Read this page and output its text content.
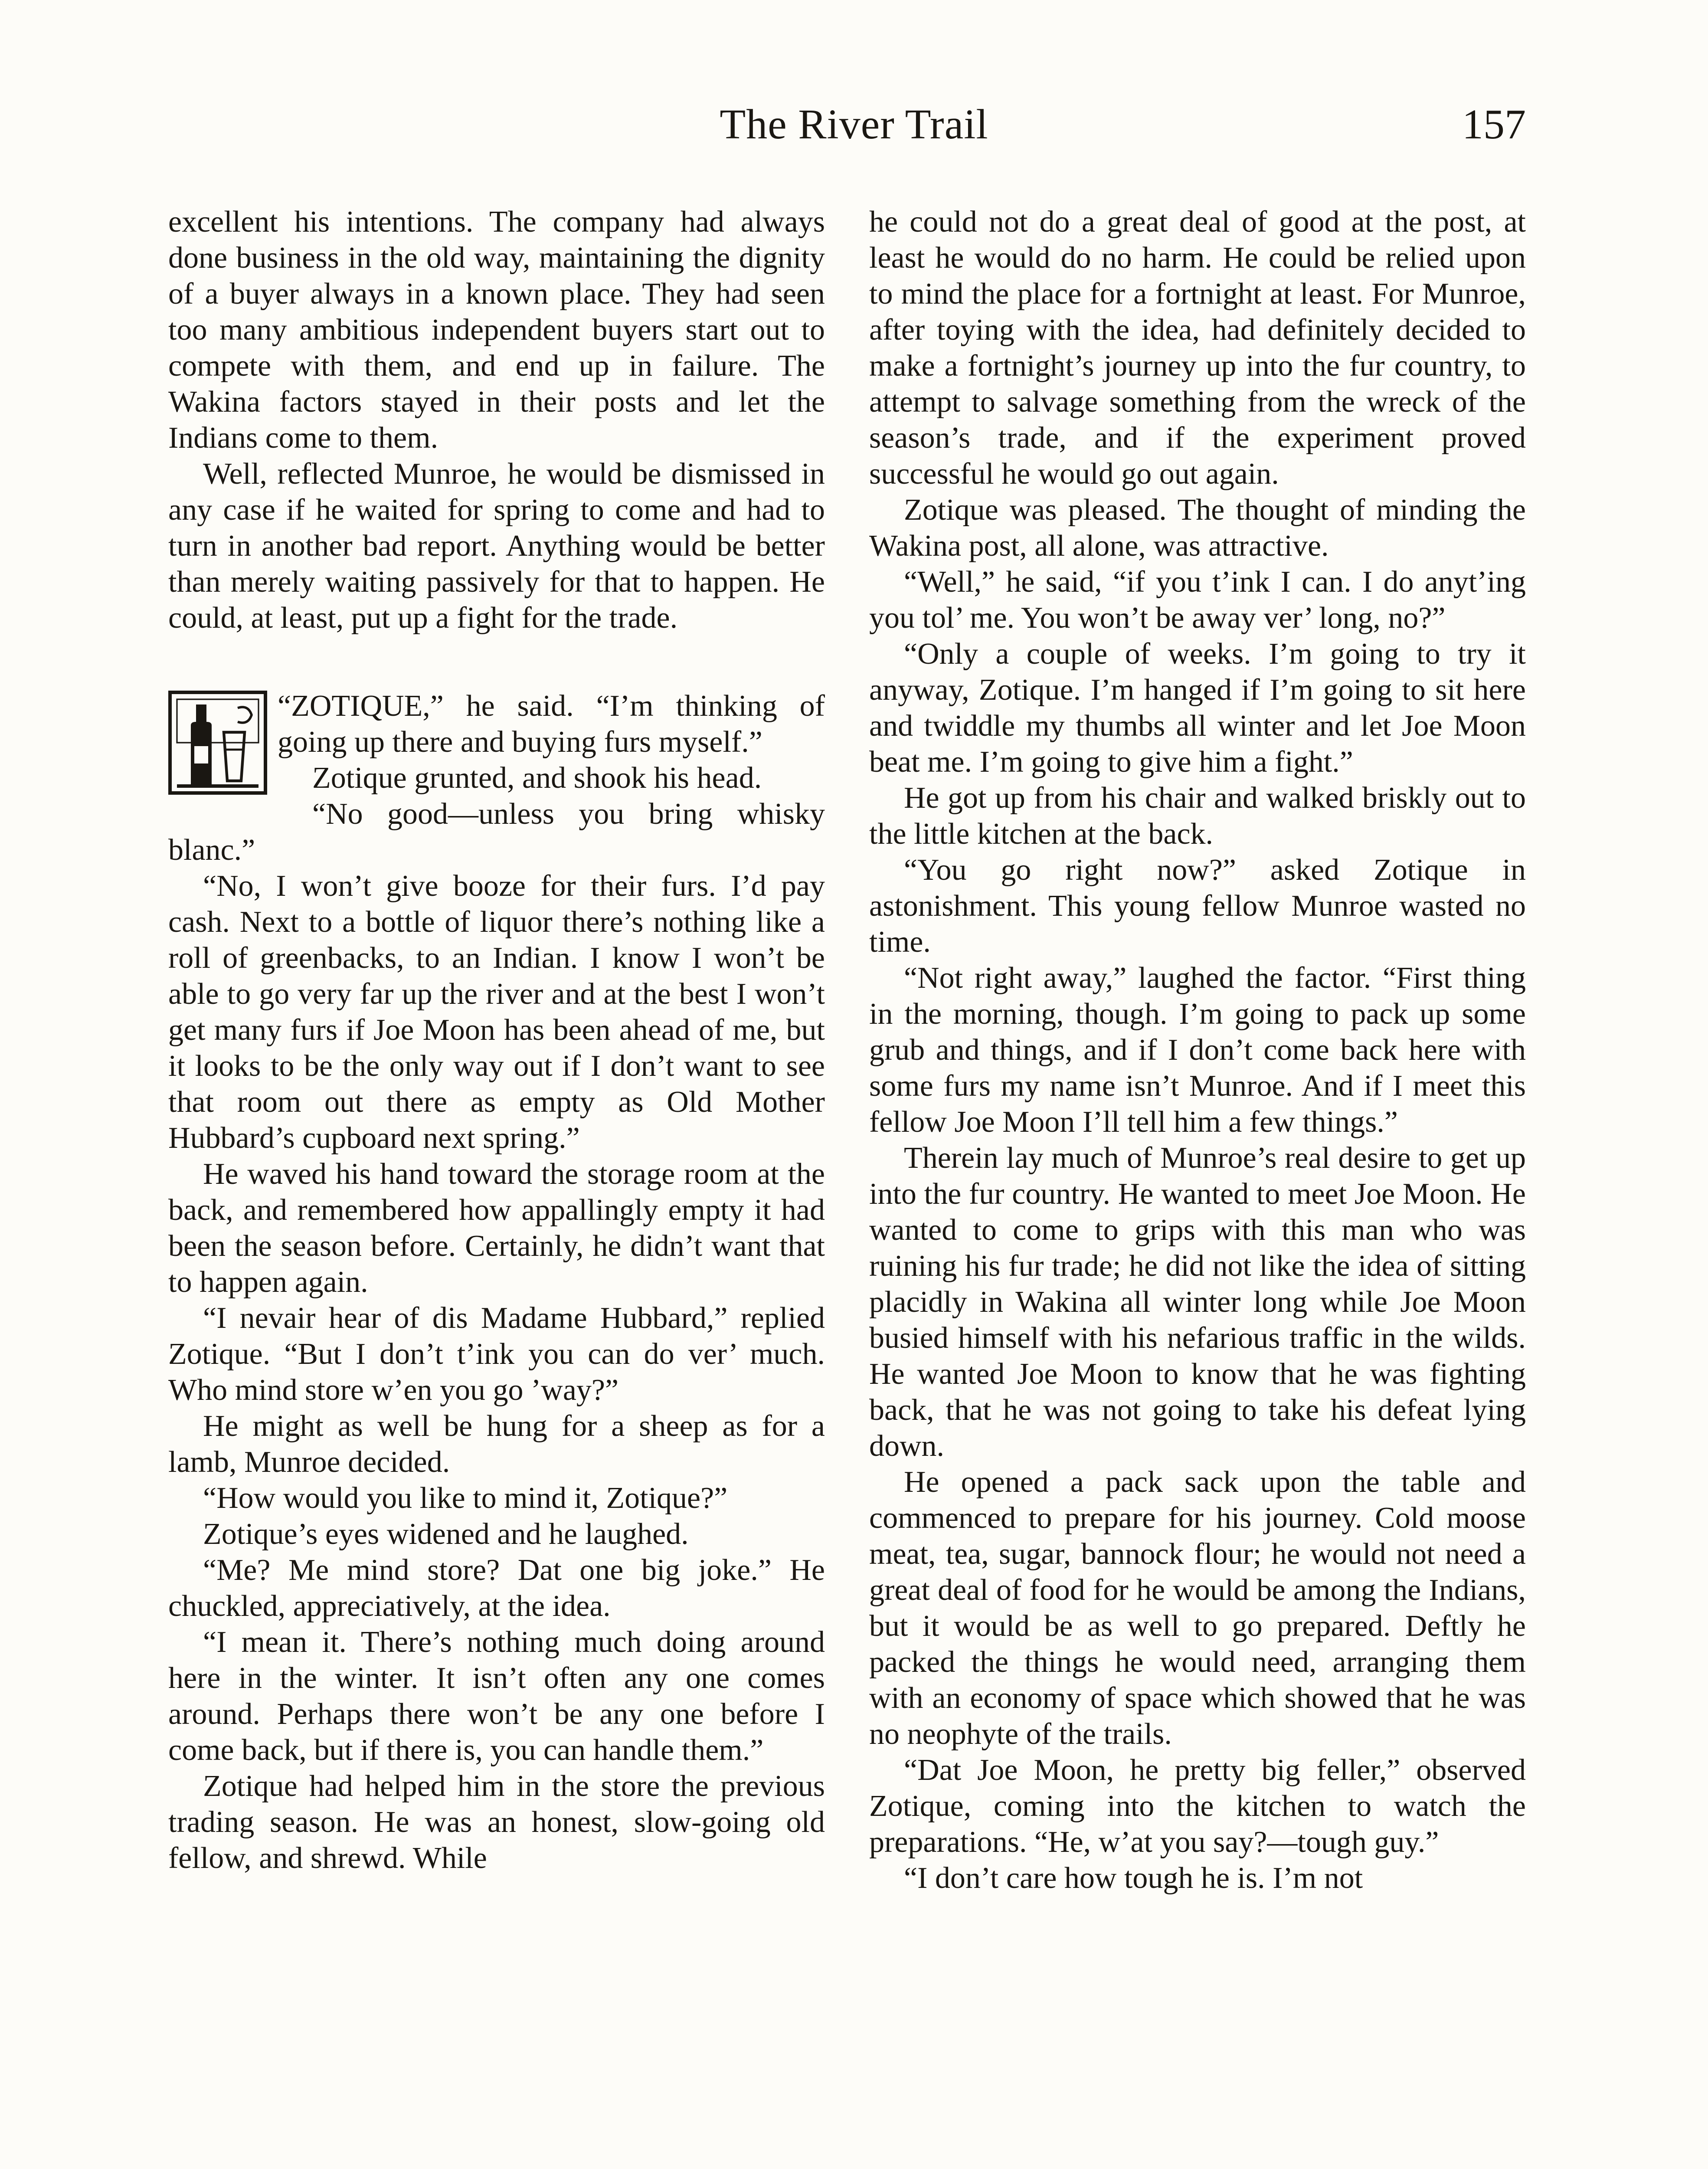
The River Trail	157

excellent his intentions. The company had always done business in the old way, maintaining the dignity of a buyer always in a known place. They had seen too many ambitious independent buyers start out to compete with them, and end up in failure. The Wakina factors stayed in their posts and let the Indians come to them.

Well, reflected Munroe, he would be dismissed in any case if he waited for spring to come and had to turn in another bad report. Anything would be better than merely waiting passively for that to happen. He could, at least, put up a fight for the trade.

“ZOTIQUE,” he said. “I’m thinking of going up there and buying furs myself.”

Zotique grunted, and shook his head.

“No good—unless you bring whisky blanc.”

“No, I won’t give booze for their furs. I’d pay cash. Next to a bottle of liquor there’s nothing like a roll of greenbacks, to an Indian. I know I won’t be able to go very far up the river and at the best I won’t get many furs if Joe Moon has been ahead of me, but it looks to be the only way out if I don’t want to see that room out there as empty as Old Mother Hubbard’s cupboard next spring.”

He waved his hand toward the storage room at the back, and remembered how appallingly empty it had been the season before. Certainly, he didn’t want that to happen again.

“I nevair hear of dis Madame Hubbard,” replied Zotique. “But I don’t t’ink you can do ver’ much. Who mind store w’en you go ’way?”

He might as well be hung for a sheep as for a lamb, Munroe decided.

“How would you like to mind it, Zotique?”

Zotique’s eyes widened and he laughed.

“Me? Me mind store? Dat one big joke.” He chuckled, appreciatively, at the idea.

“I mean it. There’s nothing much doing around here in the winter. It isn’t often any one comes around. Perhaps there won’t be any one before I come back, but if there is, you can handle them.”

Zotique had helped him in the store the previous trading season. He was an honest, slow-going old fellow, and shrewd. While

he could not do a great deal of good at the post, at least he would do no harm. He could be relied upon to mind the place for a fortnight at least. For Munroe, after toying with the idea, had definitely decided to make a fortnight’s journey up into the fur country, to attempt to salvage something from the wreck of the season’s trade, and if the experiment proved successful he would go out again.

Zotique was pleased. The thought of minding the Wakina post, all alone, was attractive.

“Well,” he said, “if you t’ink I can. I do anyt’ing you tol’ me. You won’t be away ver’ long, no?”

“Only a couple of weeks. I’m going to try it anyway, Zotique. I’m hanged if I’m going to sit here and twiddle my thumbs all winter and let Joe Moon beat me. I’m going to give him a fight.”

He got up from his chair and walked briskly out to the little kitchen at the back.

“You go right now?” asked Zotique in astonishment. This young fellow Munroe wasted no time.

“Not right away,” laughed the factor. “First thing in the morning, though. I’m going to pack up some grub and things, and if I don’t come back here with some furs my name isn’t Munroe. And if I meet this fellow Joe Moon I’ll tell him a few things.”

Therein lay much of Munroe’s real desire to get up into the fur country. He wanted to meet Joe Moon. He wanted to come to grips with this man who was ruining his fur trade; he did not like the idea of sitting placidly in Wakina all winter long while Joe Moon busied himself with his nefarious traffic in the wilds. He wanted Joe Moon to know that he was fighting back, that he was not going to take his defeat lying down.

He opened a pack sack upon the table and commenced to prepare for his journey. Cold moose meat, tea, sugar, bannock flour; he would not need a great deal of food for he would be among the Indians, but it would be as well to go prepared. Deftly he packed the things he would need, arranging them with an economy of space which showed that he was no neophyte of the trails.

“Dat Joe Moon, he pretty big feller,” observed Zotique, coming into the kitchen to watch the preparations. “He, w’at you say?—tough guy.”

“I don’t care how tough he is. I’m not
